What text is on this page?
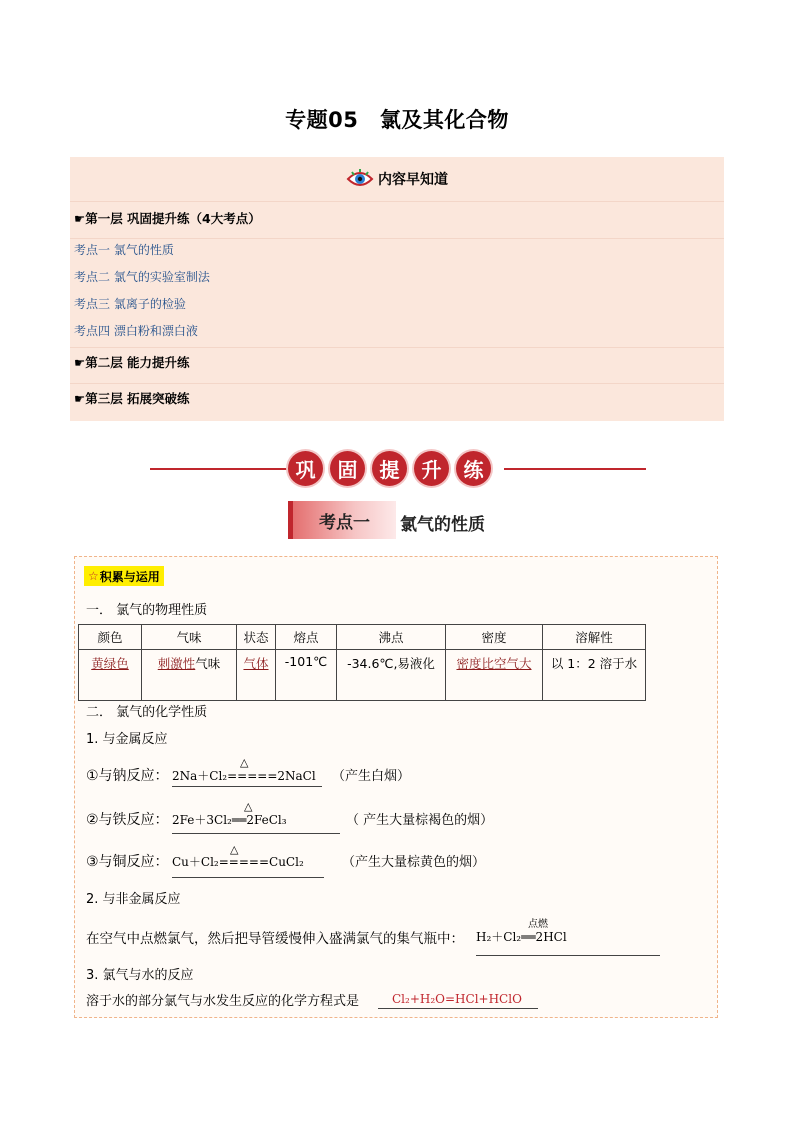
专题05　氯及其化合物
内容早知道
☛第一层 巩固提升练（4大考点）
考点一 氯气的性质
考点二 氯气的实验室制法
考点三 氯离子的检验
考点四 漂白粉和漂白液
☛第二层 能力提升练
☛第三层 拓展突破练
巩	固	提	升	练
考点一	氯气的性质
☆ 积累与运用
一． 氯气的物理性质
颜色	气味	状态	熔点	沸点	密度	溶解性
黄绿色	刺激性气味	气体	-101℃	-34.6℃,易液化	密度比空气大	以 1：2 溶于水
二． 氯气的化学性质
1. 与金属反应
①与钠反应：
△
2Na＋Cl₂=====2NaCl （产生白烟）
②与铁反应：
△
2Fe＋3Cl₂══2FeCl₃	（ 产生大量棕褐色的烟）
③与铜反应：
△
Cu＋Cl₂=====CuCl₂	（产生大量棕黄色的烟）
2. 与非金属反应
在空气中点燃氯气，然后把导管缓慢伸入盛满氯气的集气瓶中：
点燃
H₂＋Cl₂══2HCl
3. 氯气与水的反应
溶于水的部分氯气与水发生反应的化学方程式是	Cl₂+H₂O=HCl+HClO
